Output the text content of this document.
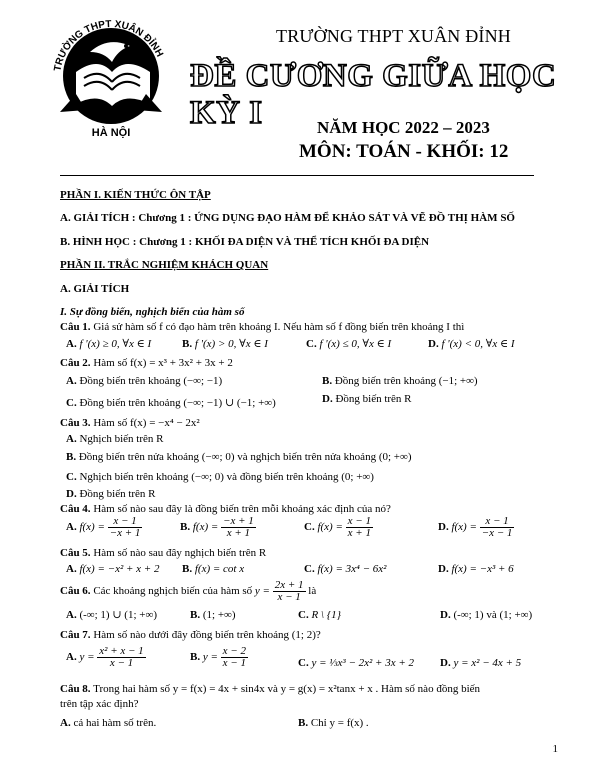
TRƯỜNG THPT XUÂN ĐỈNH
HÀ NỘI
TRƯỜNG THPT XUÂN ĐỈNH
ĐỀ CƯƠNG GIỮA HỌC KỲ I	NĂM HỌC 2022 – 2023
MÔN: TOÁN - KHỐI: 12
PHẦN I. KIẾN THỨC ÔN TẬP
A. GIẢI TÍCH : Chương 1 : ỨNG DỤNG ĐẠO HÀM ĐỂ KHẢO SÁT VÀ VẼ ĐỒ THỊ HÀM SỐ
B. HÌNH HỌC : Chương 1 : KHỐI ĐA DIỆN VÀ THỂ TÍCH KHỐI ĐA DIỆN
PHẦN II. TRẮC NGHIỆM KHÁCH QUAN
A. GIẢI TÍCH
I. Sự đồng biến, nghịch biến của hàm số
Câu 1. Giả sử hàm số f có đạo hàm trên khoảng I. Nếu hàm số f đồng biến trên khoảng I thì
A. f '(x) ≥ 0, ∀x ∈ I	B. f '(x) > 0, ∀x ∈ I	C. f '(x) ≤ 0, ∀x ∈ I	D. f '(x) < 0, ∀x ∈ I
Câu 2. Hàm số f(x) = x³ + 3x² + 3x + 2
A. Đồng biến trên khoảng (−∞; −1)	B. Đồng biến trên khoảng (−1; +∞)
C. Đồng biến trên khoảng (−∞; −1) ∪ (−1; +∞)	D. Đồng biến trên R
Câu 3. Hàm số f(x) = −x⁴ − 2x²
A. Nghịch biến trên R
B. Đồng biến trên nửa khoảng (−∞; 0) và nghịch biến trên nửa khoảng (0; +∞)
C. Nghịch biến trên khoảng (−∞; 0) và đồng biến trên khoảng (0; +∞)
D. Đồng biến trên R
Câu 4. Hàm số nào sau đây là đồng biến trên mỗi khoảng xác định của nó?
A. $f(x) = \frac{x - 1}{-x + 1}$	B. $f(x) = \frac{-x + 1}{x + 1}$	C. $f(x) = \frac{x - 1}{x + 1}$	D. $f(x) = \frac{x - 1}{-x - 1}$
Câu 5. Hàm số nào sau đây nghịch biến trên R
A. f(x) = −x² + x + 2 B. f(x) = cot x	C. f(x) = 3x⁴ − 6x²	D. f(x) = −x³ + 6
Câu 6. Các khoảng nghịch biến của hàm số $y = \frac{2x + 1}{x - 1}$ là
A. (-∞; 1) ∪ (1; +∞)	B. (1; +∞)	C. R \ {1}	D. (-∞; 1) và (1; +∞)
Câu 7. Hàm số nào dưới đây đồng biến trên khoảng (1; 2)?
A. $y = \frac{\text{x² + x − 1}}{x - 1}$	B. $y = \frac{x - 2}{x - 1}$	C. y = ⅓x³ − 2x² + 3x + 2 D. y = x² − 4x + 5
Câu 8. Trong hai hàm số y = f(x) = 4x + sin4x và y = g(x) = x²tanx + x . Hàm số nào đồng biến
trên tập xác định?
A. cả hai hàm số trên.	B. Chỉ y = f(x) .
1
